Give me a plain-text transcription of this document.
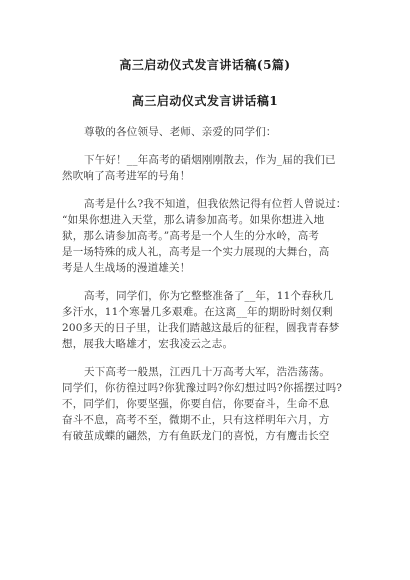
高三启动仪式发言讲话稿(5篇)
高三启动仪式发言讲话稿1
尊敬的各位领导、老师、亲爱的同学们：
下午好！__年高考的硝烟刚刚散去，作为_届的我们已
然吹响了高考进军的号角！
高考是什么?我不知道，但我依然记得有位哲人曾说过：
“如果你想进入天堂，那么请参加高考。如果你想进入地
狱，那么请参加高考。”高考是一个人生的分水岭，高考
是一场特殊的成人礼，高考是一个实力展现的大舞台，高
考是人生战场的漫道雄关！
高考，同学们，你为它整整准备了__年，11个春秋几
多汗水，11个寒暑几多艰难。在这离__年的期盼时刻仅剩
200多天的日子里，让我们踏越这最后的征程，圆我青春梦
想，展我大略雄才，宏我凌云之志。
天下高考一般黑，江西几十万高考大军，浩浩荡荡。
同学们，你彷徨过吗?你犹豫过吗?你幻想过吗?你摇摆过吗?
不，同学们，你要坚强，你要自信，你要奋斗，生命不息
奋斗不息，高考不至，微期不止，只有这样明年六月，方
有破茧成蝶的翩然，方有鱼跃龙门的喜悦，方有鹰击长空
